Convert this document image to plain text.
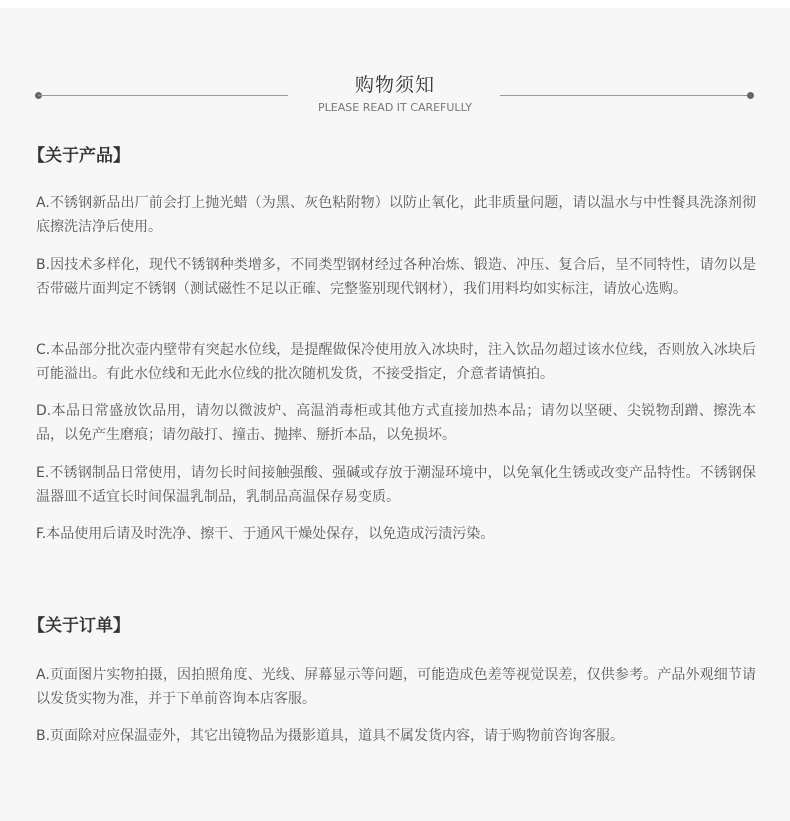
购物须知
PLEASE READ IT CAREFULLY
【关于产品】
A.不锈钢新品出厂前会打上抛光蜡（为黑、灰色粘附物）以防止氧化，此非质量问题，请以温水与中性餐具洗涤剂彻底擦洗洁净后使用。
B.因技术多样化，现代不锈钢种类增多，不同类型钢材经过各种冶炼、锻造、冲压、复合后，呈不同特性，请勿以是否带磁片面判定不锈钢（测试磁性不足以正確、完整鉴别现代钢材），我们用料均如实标注，请放心选购。
C.本品部分批次壶内壁带有突起水位线，是提醒做保冷使用放入冰块时，注入饮品勿超过该水位线，否则放入冰块后可能溢出。有此水位线和无此水位线的批次随机发货，不接受指定，介意者请慎拍。
D.本品日常盛放饮品用，请勿以微波炉、高温消毒柜或其他方式直接加热本品；请勿以坚硬、尖锐物刮蹭、擦洗本品，以免产生磨痕；请勿敲打、撞击、抛摔、掰折本品，以免损坏。
E.不锈钢制品日常使用，请勿长时间接触强酸、强碱或存放于潮湿环境中，以免氧化生锈或改变产品特性。不锈钢保温器皿不适宜长时间保温乳制品，乳制品高温保存易变质。
F.本品使用后请及时洗净、擦干、于通风干燥处保存，以免造成污渍污染。
【关于订单】
A.页面图片实物拍摄，因拍照角度、光线、屏幕显示等问题，可能造成色差等视觉误差，仅供参考。产品外观细节请以发货实物为准，并于下单前咨询本店客服。
B.页面除对应保温壶外，其它出镜物品为摄影道具，道具不属发货内容，请于购物前咨询客服。
